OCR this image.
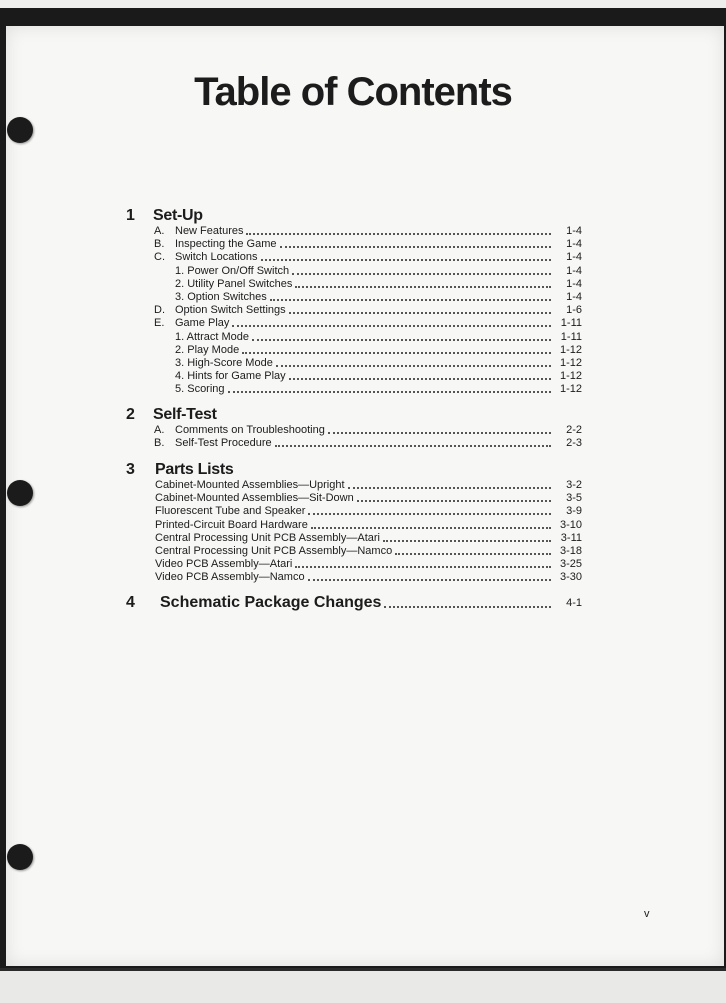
Table of Contents
1 Set-Up
A. New Features	1-4
B. Inspecting the Game	1-4
C. Switch Locations	1-4
1. Power On/Off Switch	1-4
2. Utility Panel Switches	1-4
3. Option Switches	1-4
D. Option Switch Settings	1-6
E. Game Play	1-11
1. Attract Mode	1-11
2. Play Mode	1-12
3. High-Score Mode	1-12
4. Hints for Game Play	1-12
5. Scoring	1-12
2 Self-Test
A. Comments on Troubleshooting	2-2
B. Self-Test Procedure	2-3
3 Parts Lists
Cabinet-Mounted Assemblies—Upright	3-2
Cabinet-Mounted Assemblies—Sit-Down	3-5
Fluorescent Tube and Speaker	3-9
Printed-Circuit Board Hardware	3-10
Central Processing Unit PCB Assembly—Atari	3-11
Central Processing Unit PCB Assembly—Namco	3-18
Video PCB Assembly—Atari	3-25
Video PCB Assembly—Namco	3-30
4 Schematic Package Changes	4-1
v
